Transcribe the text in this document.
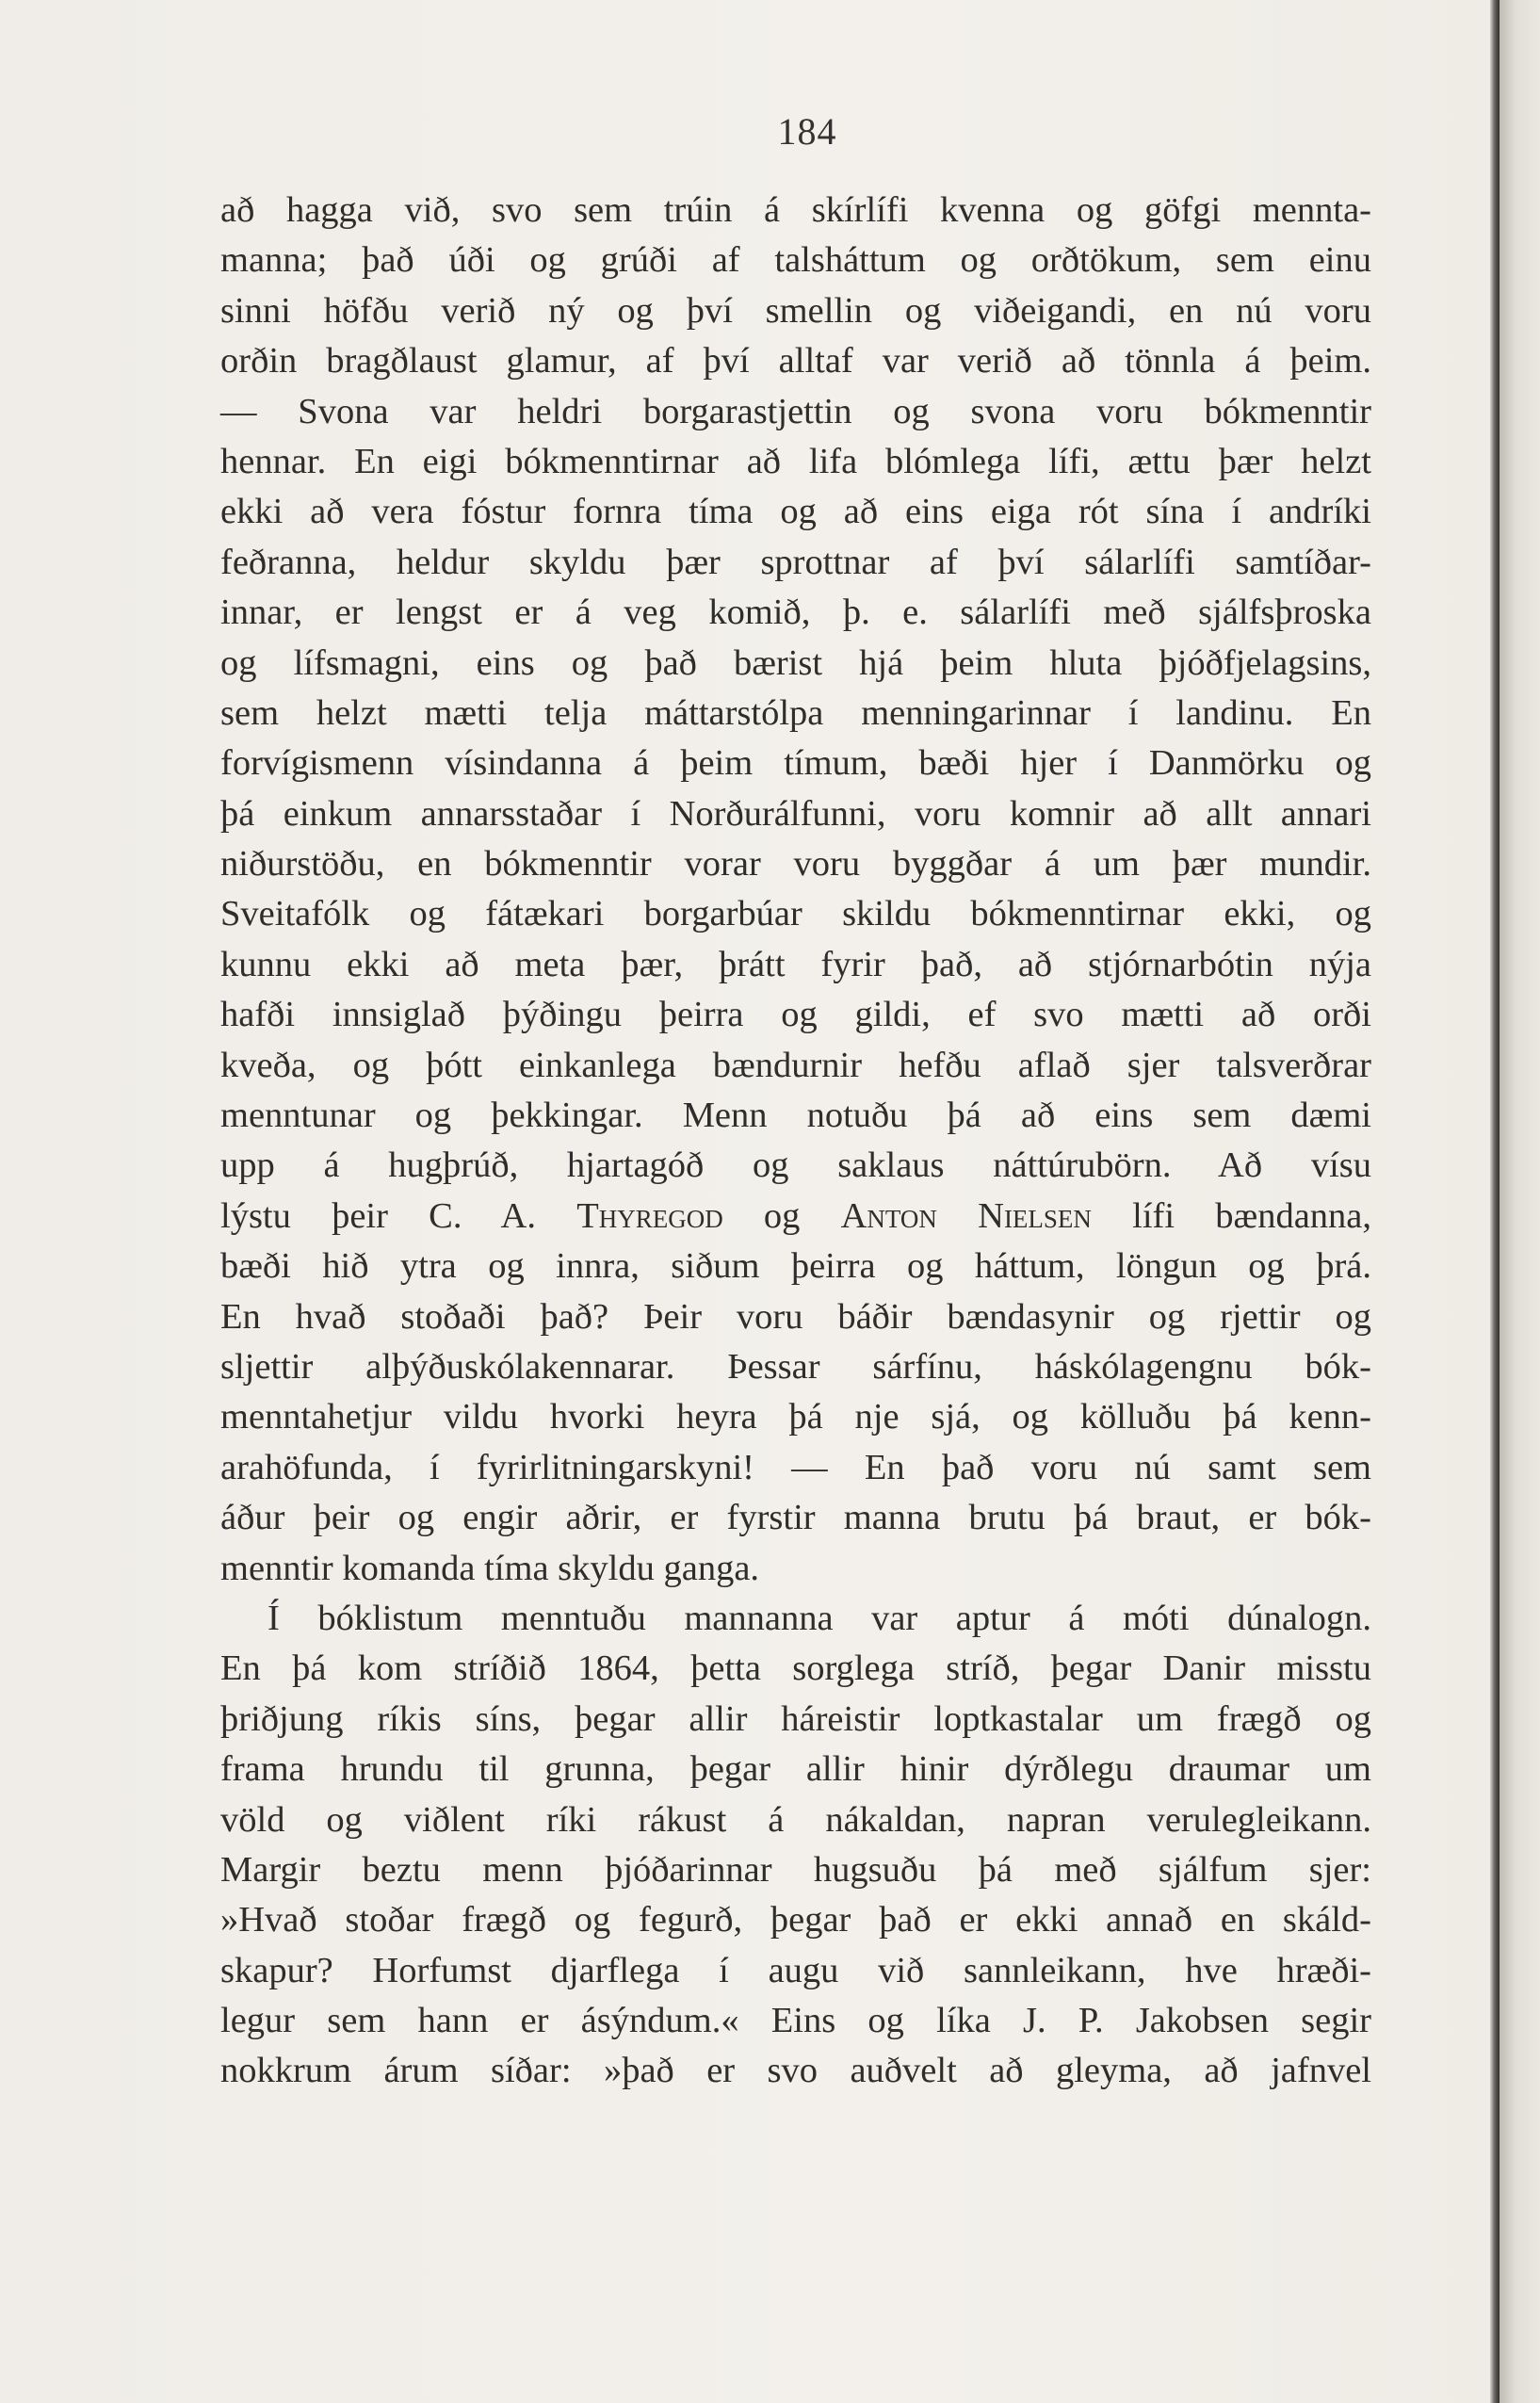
184
að hagga við, svo sem trúin á skírlífi kvenna og göfgi mennta-
manna; það úði og grúði af talsháttum og orðtökum, sem einu
sinni höfðu verið ný og því smellin og viðeigandi, en nú voru
orðin bragðlaust glamur, af því alltaf var verið að tönnla á þeim.
— Svona var heldri borgarastjettin og svona voru bókmenntir
hennar. En eigi bókmenntirnar að lifa blómlega lífi, ættu þær helzt
ekki að vera fóstur fornra tíma og að eins eiga rót sína í andríki
feðranna, heldur skyldu þær sprottnar af því sálarlífi samtíðar-
innar, er lengst er á veg komið, þ. e. sálarlífi með sjálfsþroska
og lífsmagni, eins og það bærist hjá þeim hluta þjóðfjelagsins,
sem helzt mætti telja máttarstólpa menningarinnar í landinu. En
forvígismenn vísindanna á þeim tímum, bæði hjer í Danmörku og
þá einkum annarsstaðar í Norðurálfunni, voru komnir að allt annari
niðurstöðu, en bókmenntir vorar voru byggðar á um þær mundir.
Sveitafólk og fátækari borgarbúar skildu bókmenntirnar ekki, og
kunnu ekki að meta þær, þrátt fyrir það, að stjórnarbótin nýja
hafði innsiglað þýðingu þeirra og gildi, ef svo mætti að orði
kveða, og þótt einkanlega bændurnir hefðu aflað sjer talsverðrar
menntunar og þekkingar. Menn notuðu þá að eins sem dæmi
upp á hugþrúð, hjartagóð og saklaus náttúrubörn. Að vísu
lýstu þeir C. A. Thyregod og Anton Nielsen lífi bændanna,
bæði hið ytra og innra, siðum þeirra og háttum, löngun og þrá.
En hvað stoðaði það? Þeir voru báðir bændasynir og rjettir og
sljettir alþýðuskólakennarar. Þessar sárfínu, háskólagengnu bók-
menntahetjur vildu hvorki heyra þá nje sjá, og kölluðu þá kenn-
arahöfunda, í fyrirlitningarskyni! — En það voru nú samt sem
áður þeir og engir aðrir, er fyrstir manna brutu þá braut, er bók-
menntir komanda tíma skyldu ganga.
Í bóklistum menntuðu mannanna var aptur á móti dúnalogn.
En þá kom stríðið 1864, þetta sorglega stríð, þegar Danir misstu
þriðjung ríkis síns, þegar allir háreistir loptkastalar um frægð og
frama hrundu til grunna, þegar allir hinir dýrðlegu draumar um
völd og viðlent ríki rákust á nákaldan, napran verulegleikann.
Margir beztu menn þjóðarinnar hugsuðu þá með sjálfum sjer:
»Hvað stoðar frægð og fegurð, þegar það er ekki annað en skáld-
skapur? Horfumst djarflega í augu við sannleikann, hve hræði-
legur sem hann er ásýndum.« Eins og líka J. P. Jakobsen segir
nokkrum árum síðar: »það er svo auðvelt að gleyma, að jafnvel
